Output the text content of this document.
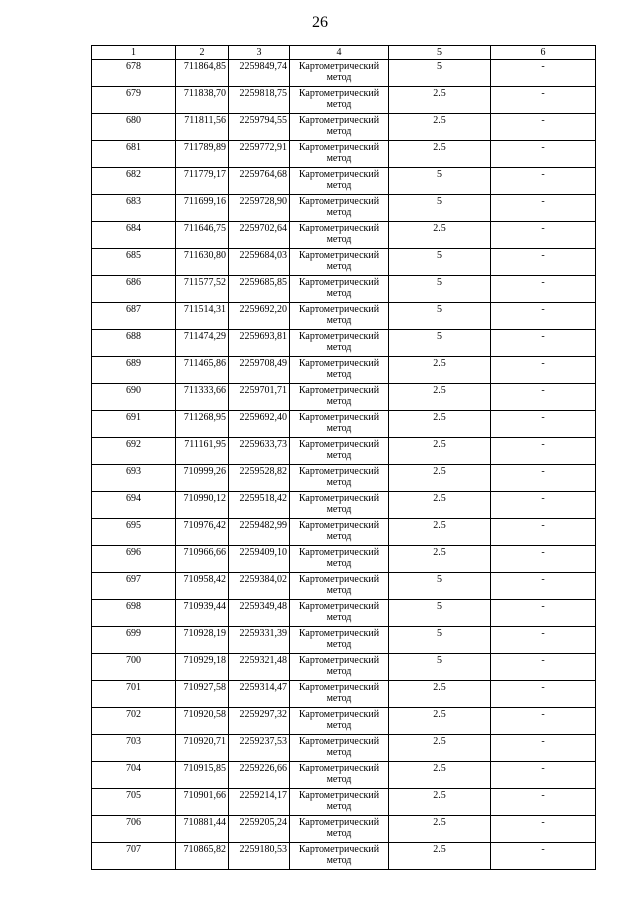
26
1	2	3	4	5	6
678	711864,85	2259849,74	Картометрический метод	5	-
679	711838,70	2259818,75	Картометрический метод	2.5	-
680	711811,56	2259794,55	Картометрический метод	2.5	-
681	711789,89	2259772,91	Картометрический метод	2.5	-
682	711779,17	2259764,68	Картометрический метод	5	-
683	711699,16	2259728,90	Картометрический метод	5	-
684	711646,75	2259702,64	Картометрический метод	2.5	-
685	711630,80	2259684,03	Картометрический метод	5	-
686	711577,52	2259685,85	Картометрический метод	5	-
687	711514,31	2259692,20	Картометрический метод	5	-
688	711474,29	2259693,81	Картометрический метод	5	-
689	711465,86	2259708,49	Картометрический метод	2.5	-
690	711333,66	2259701,71	Картометрический метод	2.5	-
691	711268,95	2259692,40	Картометрический метод	2.5	-
692	711161,95	2259633,73	Картометрический метод	2.5	-
693	710999,26	2259528,82	Картометрический метод	2.5	-
694	710990,12	2259518,42	Картометрический метод	2.5	-
695	710976,42	2259482,99	Картометрический метод	2.5	-
696	710966,66	2259409,10	Картометрический метод	2.5	-
697	710958,42	2259384,02	Картометрический метод	5	-
698	710939,44	2259349,48	Картометрический метод	5	-
699	710928,19	2259331,39	Картометрический метод	5	-
700	710929,18	2259321,48	Картометрический метод	5	-
701	710927,58	2259314,47	Картометрический метод	2.5	-
702	710920,58	2259297,32	Картометрический метод	2.5	-
703	710920,71	2259237,53	Картометрический метод	2.5	-
704	710915,85	2259226,66	Картометрический метод	2.5	-
705	710901,66	2259214,17	Картометрический метод	2.5	-
706	710881,44	2259205,24	Картометрический метод	2.5	-
707	710865,82	2259180,53	Картометрический метод	2.5	-
